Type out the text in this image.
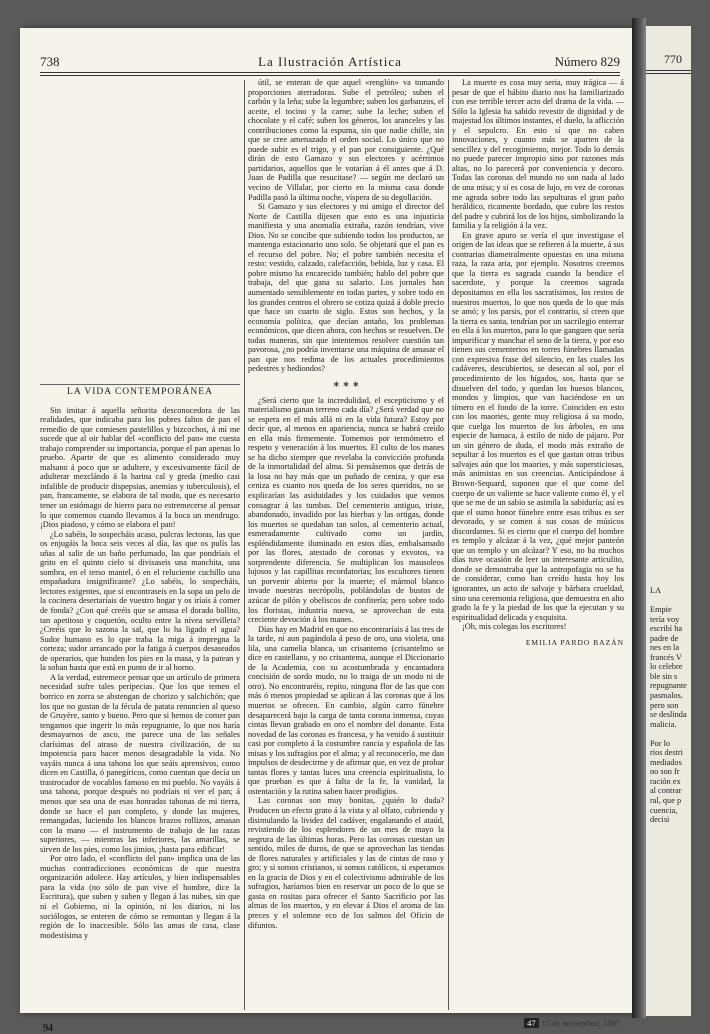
738	La Ilustración Artística	Número 829
LA VIDA CONTEMPORÁNEA

Sin imitar á aquella señorita desconocedora de las realidades, que indicaba para los pobres faltos de pan el remedio de que comiesen pastelillos y bizcochos, á mí me sucede que al oir hablar del «conflicto del pan» me cuesta trabajo comprender su importancia, porque el pan apenas lo pruebo. Aparte de que es alimento considerado muy malsano á poco que se adultere, y excesivamente fácil de adulterar mezclándo á la harina cal y greda (medio casi infalible de producir dispepsias, anemias y tuberculosis), el pan, francamente, se elabora de tal modo, que es necesario tener un estómago de hierro para no estremecerse al pensar lo que comemos cuando llevamos á la boca un mendrugo. ¡Dios piadoso, y cómo se elabora el pan!

¿Lo sabéis, lo sospecháis acaso, pulcras lectoras, las que os enjugáis la boca seis veces al día, las que os pulís las uñas al salir de un baño perfumado, las que pondríais el grito en el quinto cielo si divisaseis una manchita, una sombra, en el terso mantel, ó en el reluciente cuchillo una empañadura insignificante? ¿Lo sabéis, lo sospecháis, lectores exigentes, que si encontraseis en la sopa un pelo de la cocinera desertaríais de vuestro hogar y os iríais á comer de fonda? ¿Con qué creéis que se amasa el dorado bollito, tan apetitoso y coquetón, oculto entre la nívea servilleta? ¿Creéis que lo sazona la sal, que lo ha ligado el agua? Sudor humano es lo que traba la miga á impregna la corteza; sudor arrancado por la fatiga á cuerpos desaseados de operarios, que hunden los pies en la masa, y la patean y la soban hasta que está en punto de ir al horno.

A la verdad, estremece pensar que un artículo de primera necesidad sufre tales peripecias. Que los que temen el borrico en zorra se abstengan de chorizo y salchichón; que los que no gustan de la fécula de patata renuncien al queso de Gruyère, santo y bueno. Pero que si hemos de comer pan tengamos que ingerir lo más repugnante, lo que nos haría desmayarnos de asco, me parece una de las señales clarísimas del atraso de nuestra civilización, de su impotencia para hacer menos desagradable la vida. No vayáis nunca á una tahona los que seáis aprensivos, como dicen en Castilla, ó panegíricos, como cuentan que decía un trastrocador de vocablos famoso en mi pueblo. No vayáis á una tahona, porque después no podríais ni ver el pan; á menos que sea una de esas honradas tahonas de mi tierra, donde se hace el pan completo, y donde las mujeres, remangadas, luciendo los blancos brazos rollizos, amasan con la mano — el instrumento de trabajo de las razas superiores, — mientras las inferiores, las amarillas, se sirven de los pies, como los jimios, ¡hasta para edificar!

Por otro lado, el «conflicto del pan» implica una de las muchas contradicciones económicas de que nuestra organización adolece. Hay artículos, y bien indispensables para la vida (no sólo de pan vive el hombre, dice la Escritura), que suben y suben y llegan á las nubes, sin que ni el Gobierno, ni la opinión, ni los diarios, ni los sociólogos, se enteren de cómo se remontan y llegan á la región de lo inaccesible. Sólo las amas de casa, clase modestísima y

útil, se enteran de que aquel «renglón» va tomando proporciones aterradoras. Sube el petróleo; suben el carbón y la leña; sube la legumbre; suben los garbanzos, el aceite, el tocino y la carne; sube la leche; suben el chocolate y el café; suben los géneros, los aranceles y las contribuciones como la espuma, sin que nadie chille, sin que se cree amenazado el orden social. Lo único que no puede subir es el trigo, y el pan por consiguiente. ¿Qué dirán de esto Gamazo y sus electores y acérrimos partidarios, aquellos que le votarían á él antes que á D. Juan de Padilla que resucitase? — según me declaró un vecino de Villalar, por cierto en la misma casa donde Padilla pasó la última noche, víspera de su degollación.

Si Gamazo y sus electores y mi amigo el director del Norte de Castilla dijesen que esto es una injusticia manifiesta y una anomalía extraña, razón tendrían, vive Dios. No se concibe que subiendo todos los productos, se mantenga estacionario uno solo. Se objetará que el pan es el recurso del pobre. No; el pobre también necesita el resto: vestido, calzado, calefacción, bebida, luz y casa. El pobre mismo ha encarecido también; hablo del pobre que trabaja, del que gana su salario. Los jornales han aumentado sensiblemente en todas partes, y sobre todo en los grandes centros el obrero se cotiza quizá á doble precio que hace un cuarto de siglo. Estos son hechos, y la economía política, que decían antaño, los problemas económicos, que dicen ahora, con hechos se resuelven. De todas maneras, sin que intentemos resolver cuestión tan pavorosa, ¿no podría inventarse una máquina de amasar el pan que nos redima de los actuales procedimientos pedestres y hediondos?

∗ ∗ ∗

¿Será cierto que la incredulidad, el escepticismo y el materialismo ganan terreno cada día? ¿Será verdad que no se espera en el más allá ni en la vida futura? Estoy por decir que, al menos en apariencia, nunca se habrá creído en ella más firmemente. Tomemos por termómetro el respeto y veneración á los muertos. El culto de los manes se ha dicho siempre que revelaba la convicción profunda de la inmortalidad del alma. Si pensásemos que detrás de la losa no hay más que un puñado de ceniza, y que esa ceniza es cuanto nos queda de los seres queridos, no se explicarían las asiduidades y los cuidados que vemos consagrar á las tumbas. Del cementerio antiguo, triste, abandonado, invadido por las hierbas y las ortigas, donde los muertos se quedaban tan solos, al cementerio actual, esmeradamente cultivado como un jardín, espléndidamente iluminado en estos días, embalsamado por las flores, atestado de coronas y exvotos, va sorprendente diferencia. Se multiplican los mausoleos lujosos y las capillitas recordatorias; los escultores tienen un porvenir abierto por la muerte; el mármol blanco invade nuestras necrópolis, poblándolas de bustos de azúcar de pilón y obeliscos de confitería; pero sobre todo los floristas, industria nueva, se aprovechan de esta creciente devoción á los manes.

Días hay en Madrid en que no encontraríais á las tres de la tarde, ni aun pagándola á peso de oro, una violeta, una lila, una camelia blanca, un crisantemo (crisantelmo se dice en castellano, y no crisantema, aunque el Diccionario de la Academia, con su acostumbrada y encantadora concisión de sordo mudo, no lo traiga de un modo ni de otro). No encontraréis, repito, ninguna flor de las que con más ó menos propiedad se aplican á las coronas que á los muertos se ofrecen. En cambio, algún carro fúnebre desaparecerá bajo la carga de tanta corona inmensa, cuyas cintas llevan grabado en oro el nombre del donante. Esta novedad de las coronas es francesa, y ha venido á sustituir casi por completo á la costumbre rancia y española de las misas y los sufragios por el alma; y al reconocerlo, me dan impulsos de desdecirme y de afirmar que, en vez de probar tantas flores y tantas luces una creencia espiritualista, lo que prueban es que á falta de la fe, la vanidad, la ostentación y la rutina saben hacer prodigios.

Las coronas son muy bonitas, ¿quién lo duda? Producen un efecto grato á la vista y al olfato, cubriendo y disimulando la lividez del cadáver, engalanando el ataúd, revistiendo de los esplendores de un mes de mayo la negrura de las últimas horas. Pero las coronas cuestan un sentido, miles de duros, de que se aprovechan las tiendas de flores naturales y artificiales y las de cintas de raso y gro; y si somos cristianos, si somos católicos, si esperamos en la gracia de Dios y en el colectivismo admirable de los sufragios, haríamos bien en reservar un poco de lo que se gasta en rositas para ofrecer el Santo Sacrificio por las almas de los muertos, y en elevar á Dios el aroma de las preces y el solemne eco de los salmos del Oficio de difuntos.

La muerte es cosa muy seria, muy trágica — á pesar de que el hábito diario nos ha familiarizado con ese terrible tercer acto del drama de la vida. — Sólo la Iglesia ha sabido revestir de dignidad y de majestad los últimos instantes, el duelo, la aflicción y el sepulcro. En esto sí que no caben innovaciones, y cuanto más se aparten de la sencillez y del recogimiento, mejor. Todo lo demás no puede parecer impropio sino por razones más altas, no lo parecerá por conveniencia y decoro. Todas las coronas del mundo no son nada al lado de una misa; y si es cosa de lujo, en vez de coronas me agrada sobre todo las sepulturas el gran paño heráldico, ricamente bordado, que cubre los restos del padre y cubrirá los de los hijos, simbolizando la familia y la religión á la vez.

En grave apuro se vería el que investigase el origen de las ideas que se refieren á la muerte, á sus contrarias diametralmente opuestas en una misma raza, la raza aria, por ejemplo. Nosotros creemos que la tierra es sagrada cuando la bendice el sacerdote, y porque la creemos sagrada depositamos en ella los sacratísimos, los restos de nuestros muertos, lo que nos queda de lo que más se amó; y los parsis, por el contrario, sí creen que la tierra es santa, tendrían por un sacrilegio enterrar en ella á los muertos, para lo que ganguen que sería impurificar y manchar el seno de la tierra, y por eso tienen sus cementerios en torres fúnebres llamadas con expresiva frase del silencio, en las cuales los cadáveres, descubiertos, se desecan al sol, por el procedimiento de los hígados, sos, hasta que se disuelven del todo, y quedan los huesos blancos, mondos y limpios, que van haciéndose en un tímero en el fondo de la torre. Coinciden en esto con los maories, gente muy religiosa á su modo, que cuelga los muertos de los árboles, en una especie de hamaca, á estilo de nido de pájaro. Por un sin género de duda, el modo más extraño de sepultar á los muertos es el que gastan otras tribus salvajes aún que los maories, y más supersticiosas, más animistas en sus creencias. Anticipándose á Brown-Sequard, suponen que el que come del cuerpo de un valiente se hace valiente como él, y el que se me de un sabio se asimila la sabiduría; así es que el sumo honor fúnebre entre esas tribus es ser devorado, y se comen á sus cosas de músicos discordantes. Si es cierto que el cuerpo del hombre es templo y alcázar á la vez, ¿qué mejor panteón que un templo y un alcázar? Y eso, no ha muchos días tuve ocasión de leer un interesante articulito, donde se demostraba que la antropofagia no se ha de considerar, como han creído hasta hoy los ignorantes, un acto de salvaje y bárbara crueldad, sino una ceremonia religiosa, que demuestra en alto grado la fe y la piedad de los que la ejecutan y su espiritualidad delicada y exquisita.

¡Oh, mis colegas los escritores!

EMILIA PARDO BAZÁN
94	47 15 de noviembre, 1897
770
LA

Empie
tería voy
escribí ha
padre de
nes en la
francés V
lo celebre
ble sin s
repugnante
pasmalos.
pero son
se deslinda
malicia.

Por lo
rios destri
mediados
no son fr
ración ex
al contrar
ral, que p
cuencia,
decisi
